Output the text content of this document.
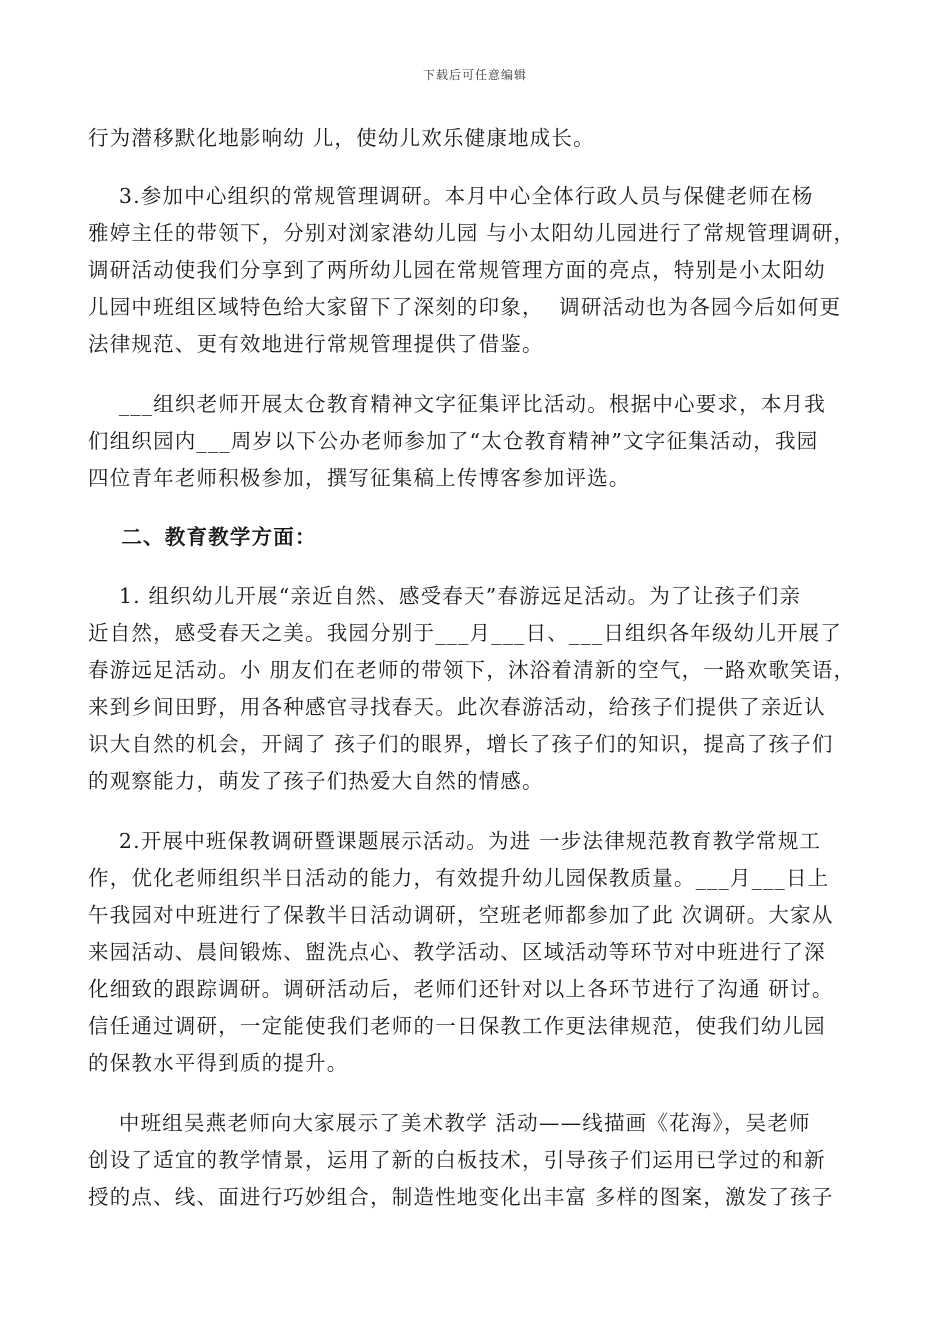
下载后可任意编辑
行为潜移默化地影响幼 儿，使幼儿欢乐健康地成长。
3.参加中心组织的常规管理调研。本月中心全体行政人员与保健老师在杨
雅婷主任的带领下，分别对浏家港幼儿园 与小太阳幼儿园进行了常规管理调研，
调研活动使我们分享到了两所幼儿园在常规管理方面的亮点，特别是小太阳幼
儿园中班组区域特色给大家留下了深刻的印象，  调研活动也为各园今后如何更
法律规范、更有效地进行常规管理提供了借鉴。
___组织老师开展太仓教育精神文字征集评比活动。根据中心要求，本月我
们组织园内___周岁以下公办老师参加了“太仓教育精神”文字征集活动，我园
四位青年老师积极参加，撰写征集稿上传博客参加评选。
二、教育教学方面：
1. 组织幼儿开展“亲近自然、感受春天”春游远足活动。为了让孩子们亲
近自然，感受春天之美。我园分别于___月___日、___日组织各年级幼儿开展了
春游远足活动。小 朋友们在老师的带领下，沐浴着清新的空气，一路欢歌笑语，
来到乡间田野，用各种感官寻找春天。此次春游活动，给孩子们提供了亲近认
识大自然的机会，开阔了 孩子们的眼界，增长了孩子们的知识，提高了孩子们
的观察能力，萌发了孩子们热爱大自然的情感。
2.开展中班保教调研暨课题展示活动。为进 一步法律规范教育教学常规工
作，优化老师组织半日活动的能力，有效提升幼儿园保教质量。___月___日上
午我园对中班进行了保教半日活动调研，空班老师都参加了此 次调研。大家从
来园活动、晨间锻炼、盥洗点心、教学活动、区域活动等环节对中班进行了深
化细致的跟踪调研。调研活动后，老师们还针对以上各环节进行了沟通 研讨。
信任通过调研，一定能使我们老师的一日保教工作更法律规范，使我们幼儿园
的保教水平得到质的提升。
中班组吴燕老师向大家展示了美术教学 活动——线描画《花海》，吴老师
创设了适宜的教学情景，运用了新的白板技术，引导孩子们运用已学过的和新
授的点、线、面进行巧妙组合，制造性地变化出丰富 多样的图案，激发了孩子
